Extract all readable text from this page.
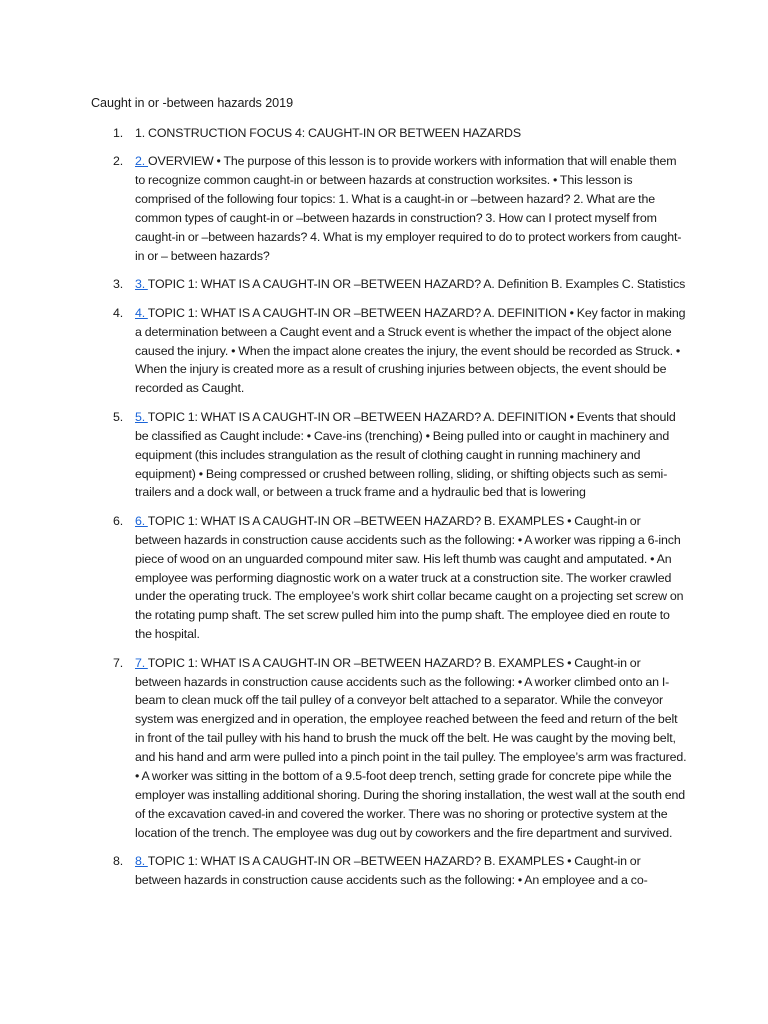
Caught in or -between hazards 2019
1. 1. CONSTRUCTION FOCUS 4: CAUGHT-IN OR BETWEEN HAZARDS
2. 2. OVERVIEW • The purpose of this lesson is to provide workers with information that will enable them to recognize common caught-in or between hazards at construction worksites. • This lesson is comprised of the following four topics: 1. What is a caught-in or –between hazard? 2. What are the common types of caught-in or –between hazards in construction? 3. How can I protect myself from caught-in or –between hazards? 4. What is my employer required to do to protect workers from caught-in or – between hazards?
3. 3. TOPIC 1: WHAT IS A CAUGHT-IN OR –BETWEEN HAZARD? A. Definition B. Examples C. Statistics
4. 4. TOPIC 1: WHAT IS A CAUGHT-IN OR –BETWEEN HAZARD? A. DEFINITION • Key factor in making a determination between a Caught event and a Struck event is whether the impact of the object alone caused the injury. • When the impact alone creates the injury, the event should be recorded as Struck. • When the injury is created more as a result of crushing injuries between objects, the event should be recorded as Caught.
5. 5. TOPIC 1: WHAT IS A CAUGHT-IN OR –BETWEEN HAZARD? A. DEFINITION • Events that should be classified as Caught include: • Cave-ins (trenching) • Being pulled into or caught in machinery and equipment (this includes strangulation as the result of clothing caught in running machinery and equipment) • Being compressed or crushed between rolling, sliding, or shifting objects such as semi- trailers and a dock wall, or between a truck frame and a hydraulic bed that is lowering
6. 6. TOPIC 1: WHAT IS A CAUGHT-IN OR –BETWEEN HAZARD? B. EXAMPLES • Caught-in or between hazards in construction cause accidents such as the following: • A worker was ripping a 6-inch piece of wood on an unguarded compound miter saw. His left thumb was caught and amputated. • An employee was performing diagnostic work on a water truck at a construction site. The worker crawled under the operating truck. The employee’s work shirt collar became caught on a projecting set screw on the rotating pump shaft. The set screw pulled him into the pump shaft. The employee died en route to the hospital.
7. 7. TOPIC 1: WHAT IS A CAUGHT-IN OR –BETWEEN HAZARD? B. EXAMPLES • Caught-in or between hazards in construction cause accidents such as the following: • A worker climbed onto an I-beam to clean muck off the tail pulley of a conveyor belt attached to a separator. While the conveyor system was energized and in operation, the employee reached between the feed and return of the belt in front of the tail pulley with his hand to brush the muck off the belt. He was caught by the moving belt, and his hand and arm were pulled into a pinch point in the tail pulley. The employee’s arm was fractured. • A worker was sitting in the bottom of a 9.5-foot deep trench, setting grade for concrete pipe while the employer was installing additional shoring. During the shoring installation, the west wall at the south end of the excavation caved-in and covered the worker. There was no shoring or protective system at the location of the trench. The employee was dug out by coworkers and the fire department and survived.
8. 8. TOPIC 1: WHAT IS A CAUGHT-IN OR –BETWEEN HAZARD? B. EXAMPLES • Caught-in or between hazards in construction cause accidents such as the following: • An employee and a co-
